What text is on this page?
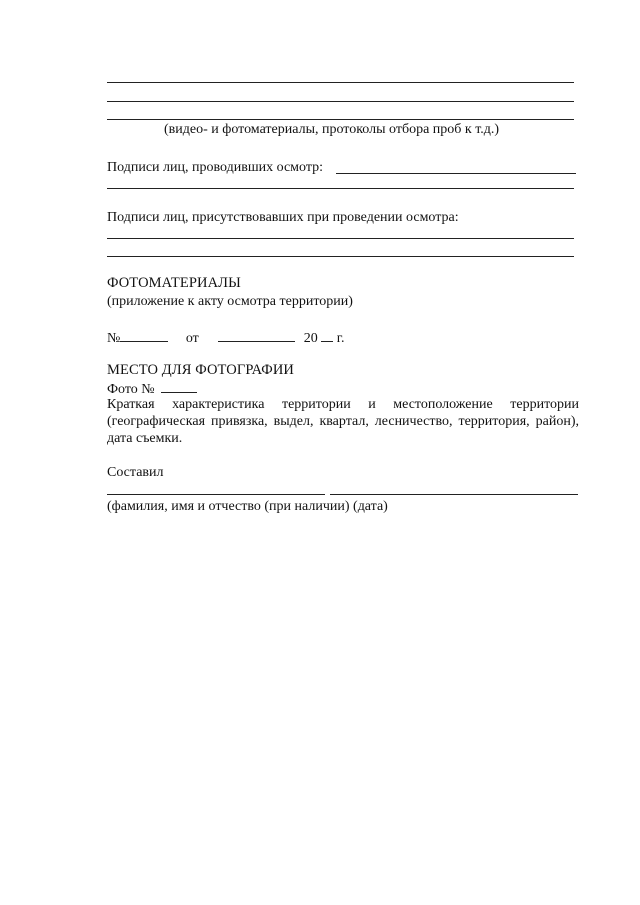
(видео- и фотоматериалы, протоколы отбора проб к т.д.)
Подписи лиц, проводивших осмотр:
Подписи лиц, присутствовавших при проведении осмотра:
ФОТОМАТЕРИАЛЫ
(приложение к акту осмотра территории)
№	от	20 г.
МЕСТО ДЛЯ ФОТОГРАФИИ
Фото №
Краткая характеристика территории и местоположение территории (географическая привязка, выдел, квартал, лесничество, территория, район), дата съемки.
Составил
(фамилия, имя и отчество (при наличии) (дата)
